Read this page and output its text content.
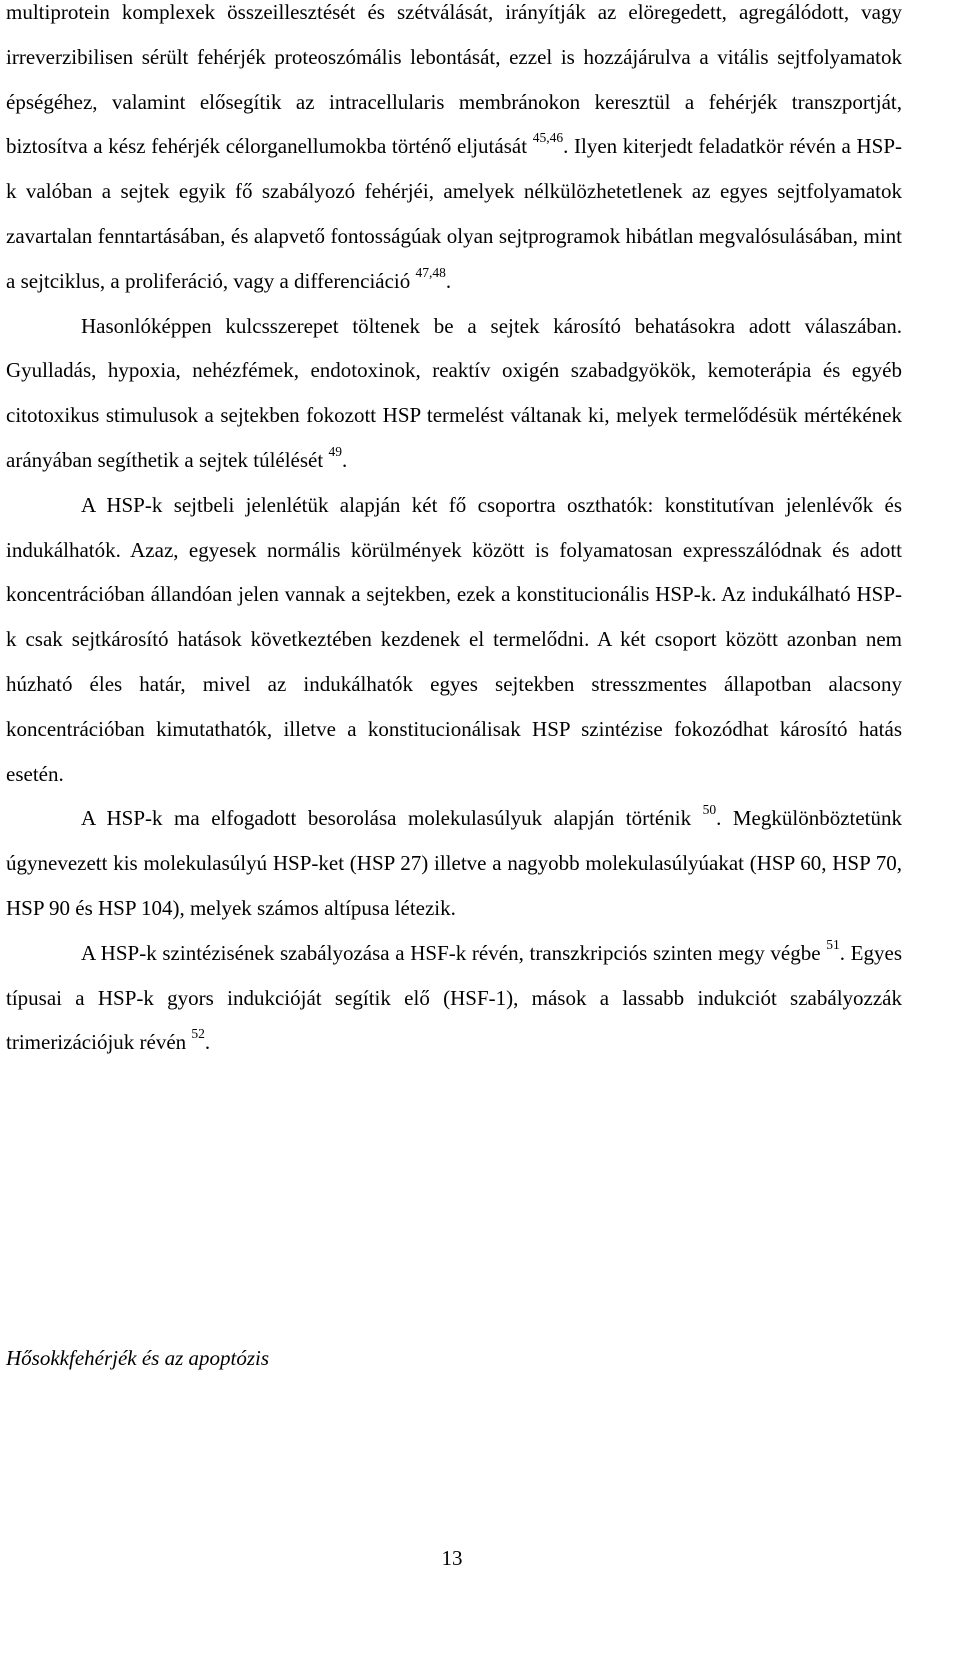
multiprotein komplexek összeillesztését és szétválását, irányítják az elöregedett, agregálódott, vagy irreverzibilisen sérült fehérjék proteoszómális lebontását, ezzel is hozzájárulva a vitális sejtfolyamatok épségéhez, valamint elősegítik az intracellularis membránokon keresztül a fehérjék transzportját, biztosítva a kész fehérjék célorganellumokba történő eljutását $^{45,46}$. Ilyen kiterjedt feladatkör révén a HSP-k valóban a sejtek egyik fő szabályozó fehérjéi, amelyek nélkülözhetetlenek az egyes sejtfolyamatok zavartalan fenntartásában, és alapvető fontosságúak olyan sejtprogramok hibátlan megvalósulásában, mint a sejtciklus, a proliferáció, vagy a differenciáció $^{47,48}$.

Hasonlóképpen kulcsszerepet töltenek be a sejtek károsító behatásokra adott válaszában. Gyulladás, hypoxia, nehézfémek, endotoxinok, reaktív oxigén szabadgyökök, kemoterápia és egyéb citotoxikus stimulusok a sejtekben fokozott HSP termelést váltanak ki, melyek termelődésük mértékének arányában segíthetik a sejtek túlélését $^{49}$.

A HSP-k sejtbeli jelenlétük alapján két fő csoportra oszthatók: konstitutívan jelenlévők és indukálhatók. Azaz, egyesek normális körülmények között is folyamatosan expresszálódnak és adott koncentrációban állandóan jelen vannak a sejtekben, ezek a konstitucionális HSP-k. Az indukálható HSP-k csak sejtkárosító hatások következtében kezdenek el termelődni. A két csoport között azonban nem húzható éles határ, mivel az indukálhatók egyes sejtekben stresszmentes állapotban alacsony koncentrációban kimutathatók, illetve a konstitucionálisak HSP szintézise fokozódhat károsító hatás esetén.

A HSP-k ma elfogadott besorolása molekulasúlyuk alapján történik $^{50}$. Megkülönböztetünk úgynevezett kis molekulasúlyú HSP-ket (HSP 27) illetve a nagyobb molekulasúlyúakat (HSP 60, HSP 70, HSP 90 és HSP 104), melyek számos altípusa létezik.

A HSP-k szintézisének szabályozása a HSF-k révén, transzkripciós szinten megy végbe $^{51}$. Egyes típusai a HSP-k gyors indukcióját segítik elő (HSF-1), mások a lassabb indukciót szabályozzák trimerizációjuk révén $^{52}$.

Hősokkfehérjék és az apoptózis

13
